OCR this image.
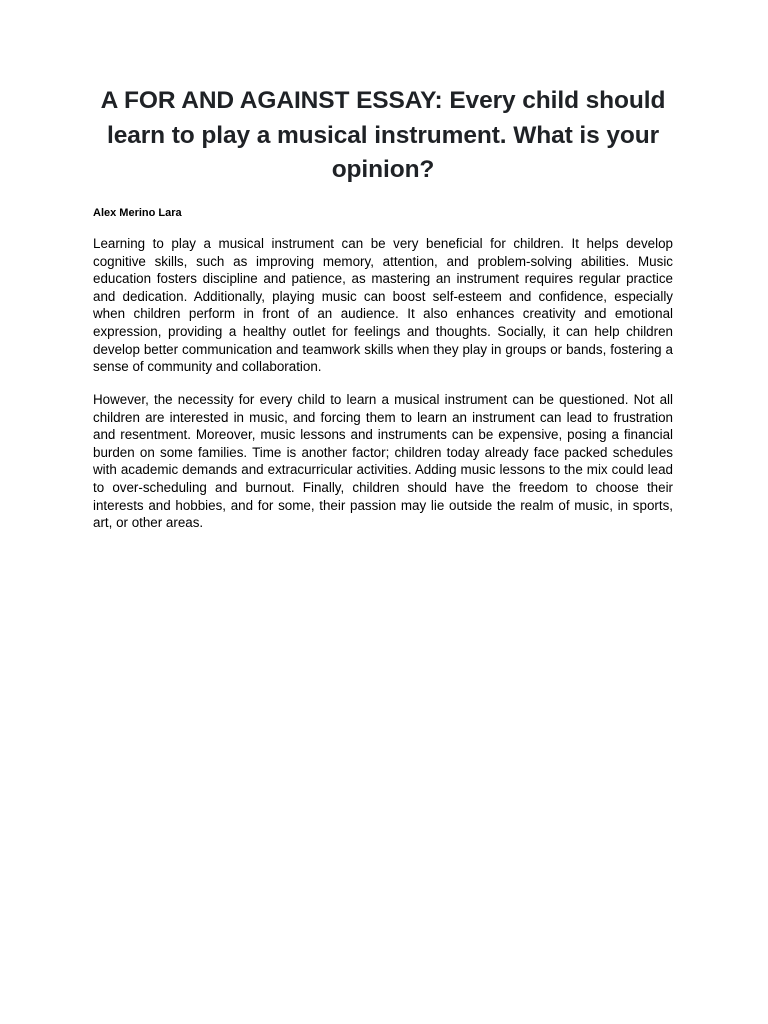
A FOR AND AGAINST ESSAY: Every child should learn to play a musical instrument. What is your opinion?

Alex Merino Lara

Learning to play a musical instrument can be very beneficial for children. It helps develop cognitive skills, such as improving memory, attention, and problem-solving abilities. Music education fosters discipline and patience, as mastering an instrument requires regular practice and dedication. Additionally, playing music can boost self-esteem and confidence, especially when children perform in front of an audience. It also enhances creativity and emotional expression, providing a healthy outlet for feelings and thoughts. Socially, it can help children develop better communication and teamwork skills when they play in groups or bands, fostering a sense of community and collaboration.

However, the necessity for every child to learn a musical instrument can be questioned. Not all children are interested in music, and forcing them to learn an instrument can lead to frustration and resentment. Moreover, music lessons and instruments can be expensive, posing a financial burden on some families. Time is another factor; children today already face packed schedules with academic demands and extracurricular activities. Adding music lessons to the mix could lead to over-scheduling and burnout. Finally, children should have the freedom to choose their interests and hobbies, and for some, their passion may lie outside the realm of music, in sports, art, or other areas.
